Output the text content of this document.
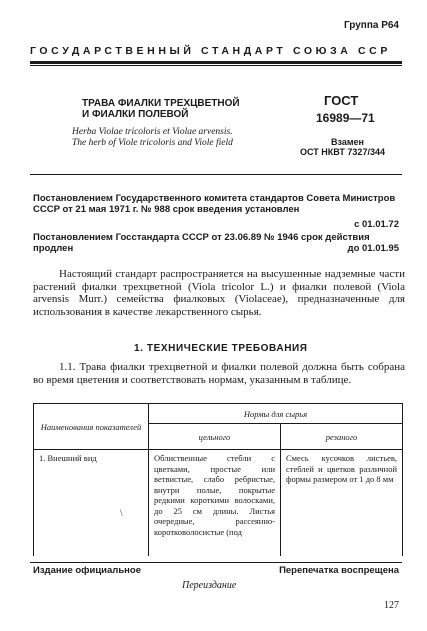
Группа Р64
ГОСУДАРСТВЕННЫЙ СТАНДАРТ СОЮЗА ССР
ТРАВА ФИАЛКИ ТРЕХЦВЕТНОЙ
И ФИАЛКИ ПОЛЕВОЙ
Herba Violae tricoloris et Violae arvensis.
The herb of Viole tricoloris and Viole field
ГОСТ
16989—71
Взамен
ОСТ НКВТ 7327/344
Постановлением Государственного комитета стандартов Совета Министров СССР от 21 мая 1971 г. № 988 срок введения установлен
с 01.01.72
Постановлением Госстандарта СССР от 23.06.89 № 1946 срок действия продлен	до 01.01.95
Настоящий стандарт распространяется на высушенные надземные части растений фиалки трехцветной (Viola tricolor L.) и фиалки полевой (Viola arvensis Murr.) семейства фиалковых (Violaceae), предназначенные для использования в качестве лекарственного сырья.
1. ТЕХНИЧЕСКИЕ ТРЕБОВАНИЯ
1.1. Трава фиалки трехцветной и фиалки полевой должна быть собрана во время цветения и соответствовать нормам, указанным в таблице.
Наименования показателей	Нормы для сырья	
	цельного	резаного

1. Внешний вид	Облиственные стебли с цветками, простые или ветвистые, слабо ребристые, внутри полые, покрытые редкими короткими волосками, до 25 см длины. Листья очередные, рассеянно-коротковолосистые (под	Смесь кусочков листьев, стеблей и цветков различной формы размером от 1 до 8 мм
\
Издание официальное	Перепечатка воспрещена
Переиздание
127
